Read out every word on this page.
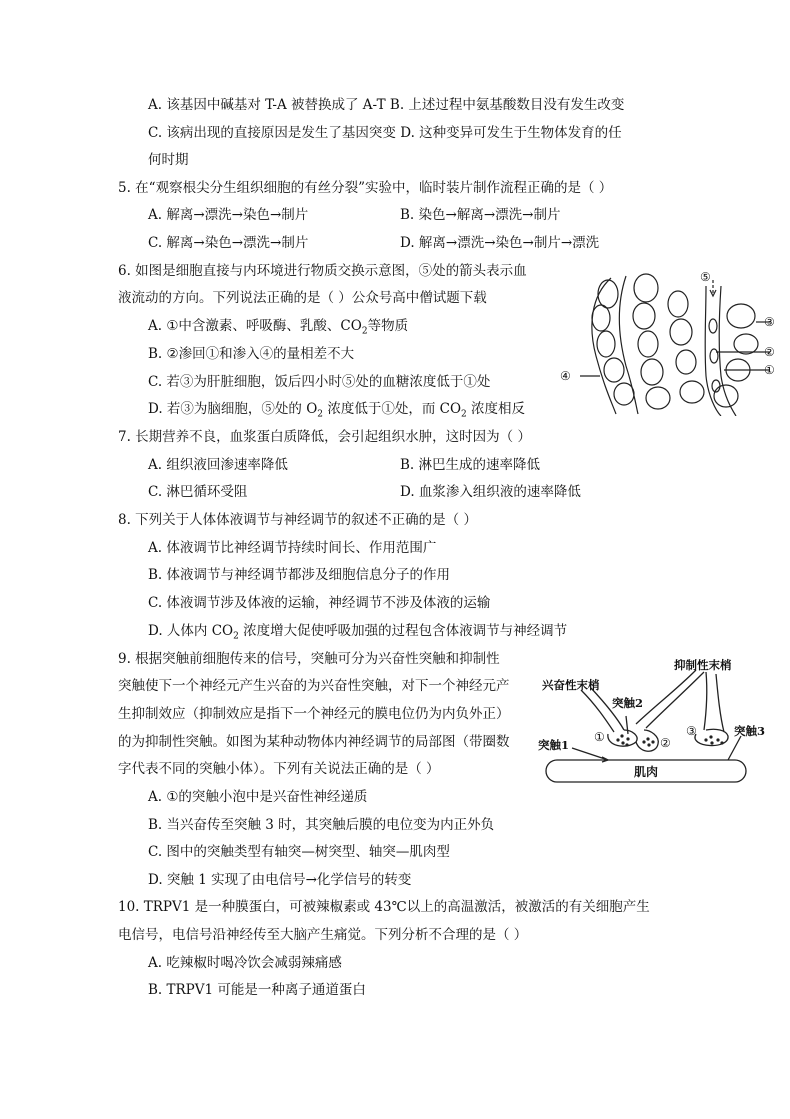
A. 该基因中碱基对 T-A 被替换成了 A-T B. 上述过程中氨基酸数目没有发生改变
C. 该病出现的直接原因是发生了基因突变 D. 这种变异可发生于生物体发育的任
何时期
5. 在“观察根尖分生组织细胞的有丝分裂”实验中，临时装片制作流程正确的是（ ）
A. 解离→漂洗→染色→制片	B. 染色→解离→漂洗→制片
C. 解离→染色→漂洗→制片	D. 解离→漂洗→染色→制片→漂洗
6. 如图是细胞直接与内环境进行物质交换示意图，⑤处的箭头表示血
液流动的方向。下列说法正确的是（ ）公众号高中僧试题下载
A. ①中含激素、呼吸酶、乳酸、$CO_2$等物质
B. ②渗回①和渗入④的量相差不大
C. 若③为肝脏细胞，饭后四小时⑤处的血糖浓度低于①处
D. 若③为脑细胞，⑤处的 $O_2$ 浓度低于①处，而 $CO_2$ 浓度相反
⑤
③
②
④	①
7. 长期营养不良，血浆蛋白质降低，会引起组织水肿，这时因为（ ）
A. 组织液回渗速率降低	B. 淋巴生成的速率降低
C. 淋巴循环受阻	D. 血浆渗入组织液的速率降低
8. 下列关于人体体液调节与神经调节的叙述不正确的是（ ）
A. 体液调节比神经调节持续时间长、作用范围广
B. 体液调节与神经调节都涉及细胞信息分子的作用
C. 体液调节涉及体液的运输，神经调节不涉及体液的运输
D. 人体内 $CO_2$ 浓度增大促使呼吸加强的过程包含体液调节与神经调节
9. 根据突触前细胞传来的信号，突触可分为兴奋性突触和抑制性
突触使下一个神经元产生兴奋的为兴奋性突触，对下一个神经元产
生抑制效应（抑制效应是指下一个神经元的膜电位仍为内负外正）
的为抑制性突触。如图为某种动物体内神经调节的局部图（带圈数
字代表不同的突触小体）。下列有关说法正确的是（ ）
A. ①的突触小泡中是兴奋性神经递质
B. 当兴奋传至突触 3 时，其突触后膜的电位变为内正外负
C. 图中的突触类型有轴突—树突型、轴突—肌肉型
D. 突触 1 实现了由电信号→化学信号的转变
抑制性末梢
兴奋性末梢
突触2
突触3
突触1
①	②
③
肌肉
10. TRPV1 是一种膜蛋白，可被辣椒素或 43℃以上的高温激活，被激活的有关细胞产生
电信号，电信号沿神经传至大脑产生痛觉。下列分析不合理的是（ ）
A. 吃辣椒时喝冷饮会减弱辣痛感
B. TRPV1 可能是一种离子通道蛋白
